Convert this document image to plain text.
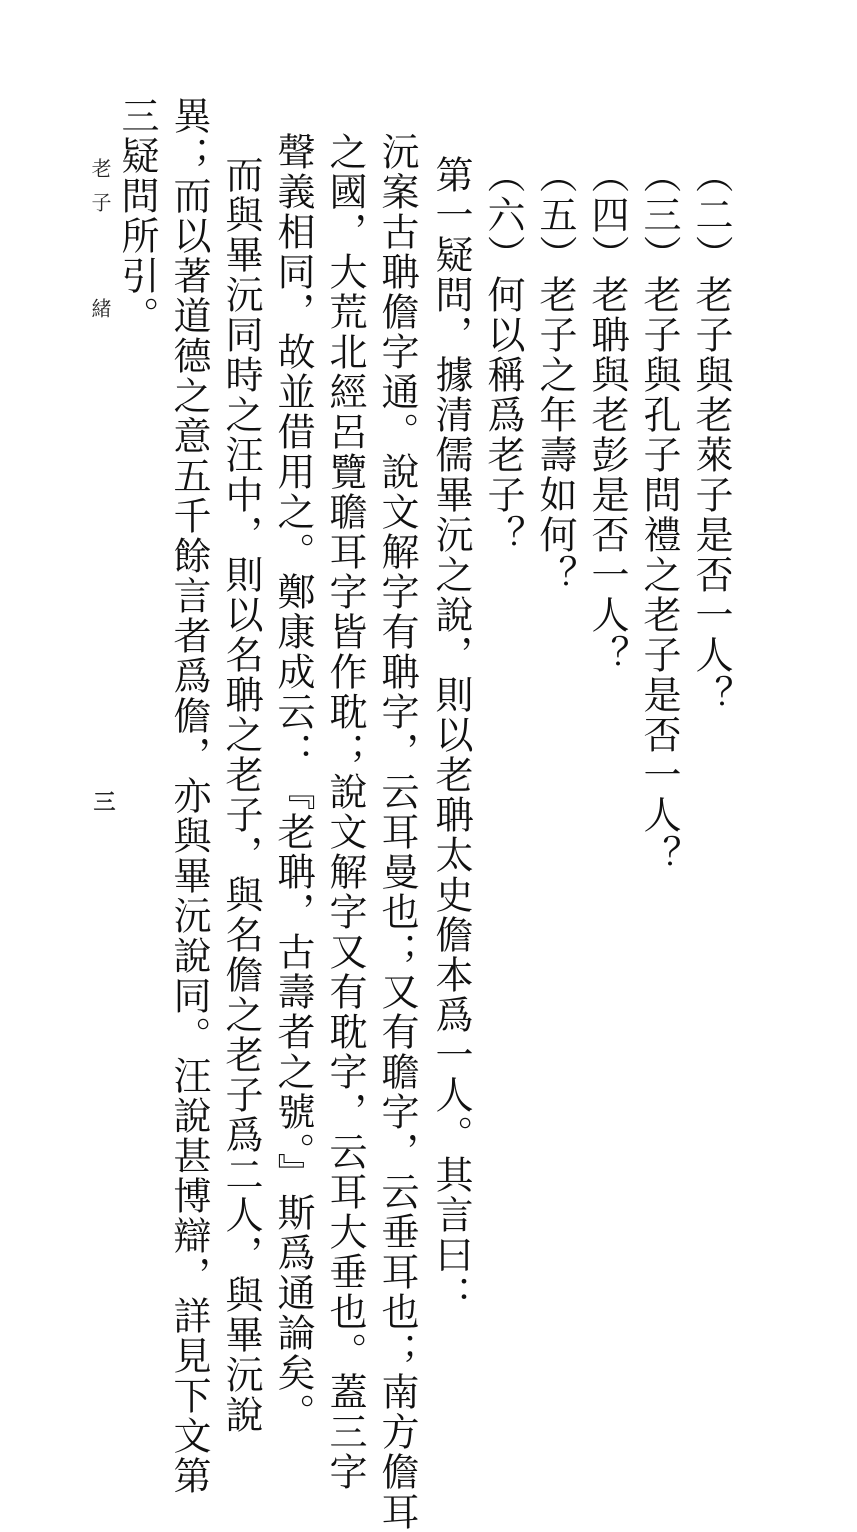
（二）老子與老萊子是否一人？
（三）老子與孔子問禮之老子是否一人？
（四）老聃與老彭是否一人？
（五）老子之年壽如何？
（六）何以稱爲老子？
第一疑問，據清儒畢沅之說，則以老聃太史儋本爲一人。其言曰：
沅案古聃儋字通。說文解字有聃字，云耳曼也；又有聸字，云垂耳也；南方儋耳
之國，大荒北經呂覽聸耳字皆作耽；說文解字又有耽字，云耳大垂也。蓋三字
聲義相同，故並借用之。鄭康成云：『老聃，古壽者之號。』斯爲通論矣。
而與畢沅同時之汪中，則以名聃之老子，與名儋之老子爲二人，與畢沅說
異；而以著道德之意五千餘言者爲儋，亦與畢沅說同。汪說甚博辯，詳見下文第
三疑問所引。
老子
緒
三
